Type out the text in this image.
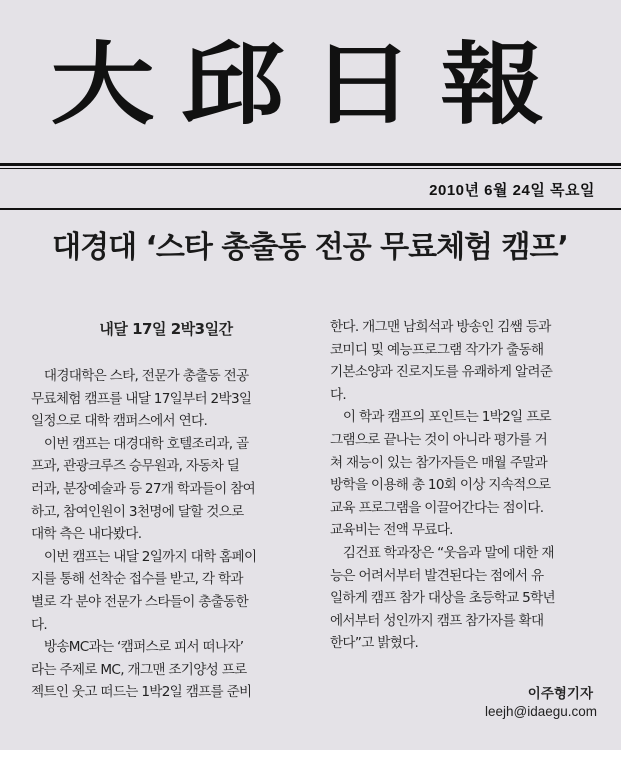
大邱日報
2010년 6월 24일 목요일
대경대 ‘스타 총출동 전공 무료체험 캠프’
내달 17일 2박3일간
　대경대학은 스타, 전문가 총출동 전공
무료체험 캠프를 내달 17일부터 2박3일
일정으로 대학 캠퍼스에서 연다.
　이번 캠프는 대경대학 호텔조리과, 골
프과, 관광크루즈 승무원과, 자동차 딜
러과, 분장예술과 등 27개 학과들이 참여
하고, 참여인원이 3천명에 달할 것으로
대학 측은 내다봤다.
　이번 캠프는 내달 2일까지 대학 홈페이
지를 통해 선착순 접수를 받고, 각 학과
별로 각 분야 전문가 스타들이 총출동한
다.
　방송MC과는 ‘캠퍼스로 피서 떠나자’
라는 주제로 MC, 개그맨 조기양성 프로
젝트인 웃고 떠드는 1박2일 캠프를 준비
한다. 개그맨 남희석과 방송인 김쌤 등과
코미디 및 예능프로그램 작가가 출동해
기본소양과 진로지도를 유쾌하게 알려준
다.
　이 학과 캠프의 포인트는 1박2일 프로
그램으로 끝나는 것이 아니라 평가를 거
쳐 재능이 있는 참가자들은 매월 주말과
방학을 이용해 총 10회 이상 지속적으로
교육 프로그램을 이끌어간다는 점이다.
교육비는 전액 무료다.
　김건표 학과장은 “웃음과 말에 대한 재
능은 어려서부터 발견된다는 점에서 유
일하게 캠프 참가 대상을 초등학교 5학년
에서부터 성인까지 캠프 참가자를 확대
한다”고 밝혔다.
이주형기자
leejh@idaegu.com
